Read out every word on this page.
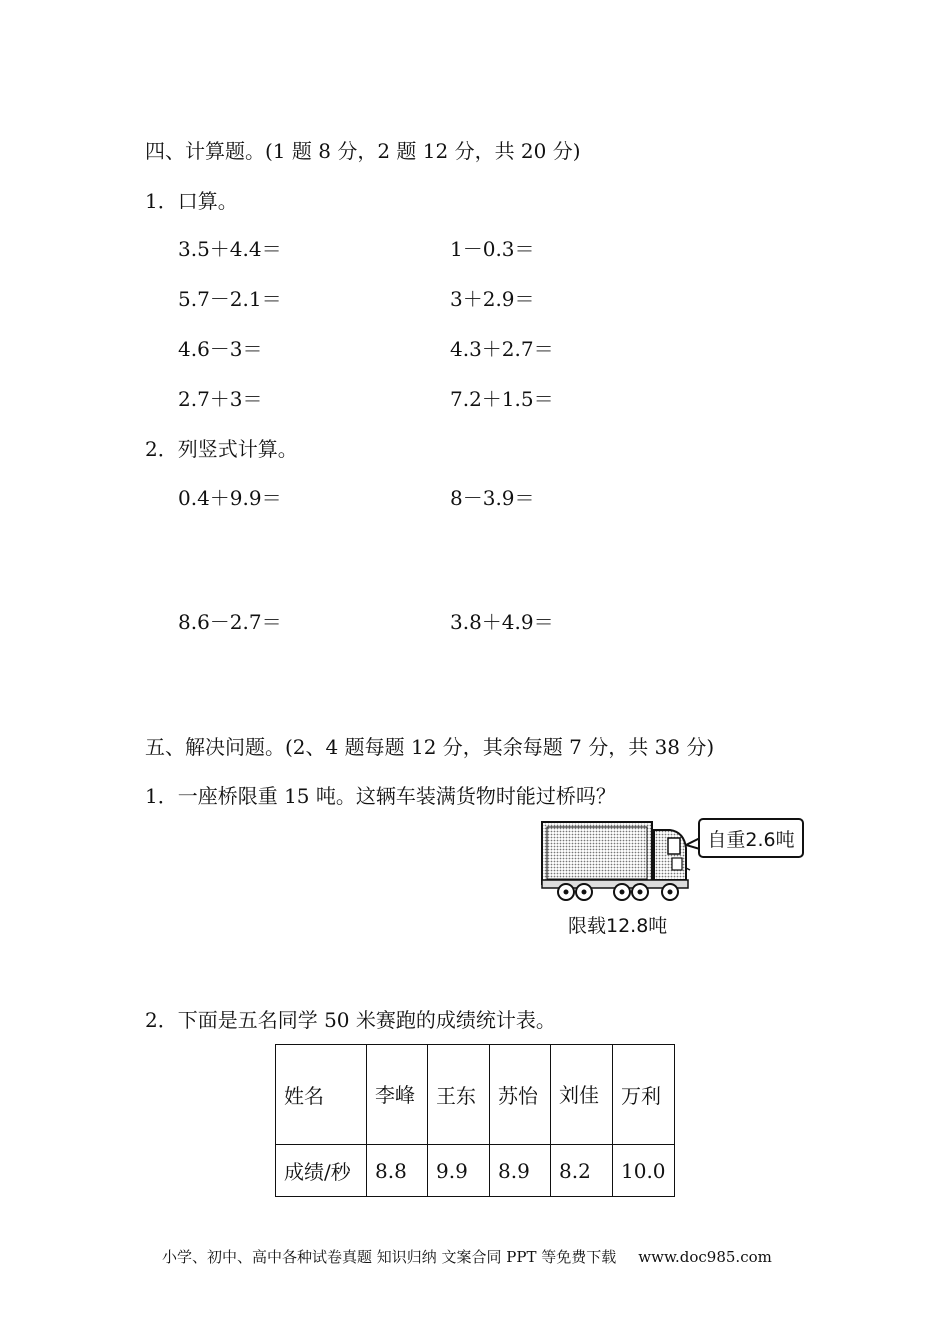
四、计算题。(1 题 8 分，2 题 12 分，共 20 分)
1．口算。
3.5＋4.4＝	1－0.3＝
5.7－2.1＝	3＋2.9＝
4.6－3＝	4.3＋2.7＝
2.7＋3＝	7.2＋1.5＝
2．列竖式计算。
0.4＋9.9＝	8－3.9＝
8.6－2.7＝	3.8＋4.9＝
五、解决问题。(2、4 题每题 12 分，其余每题 7 分，共 38 分)
1．一座桥限重 15 吨。这辆车装满货物时能过桥吗？
自重2.6吨
限载12.8吨
2．下面是五名同学 50 米赛跑的成绩统计表。
姓名	李峰	王东	苏怡	刘佳	万利
成绩/秒	8.8	9.9	8.9	8.2	10.0
小学、初中、高中各种试卷真题 知识归纳 文案合同 PPT 等免费下载 www.doc985.com
